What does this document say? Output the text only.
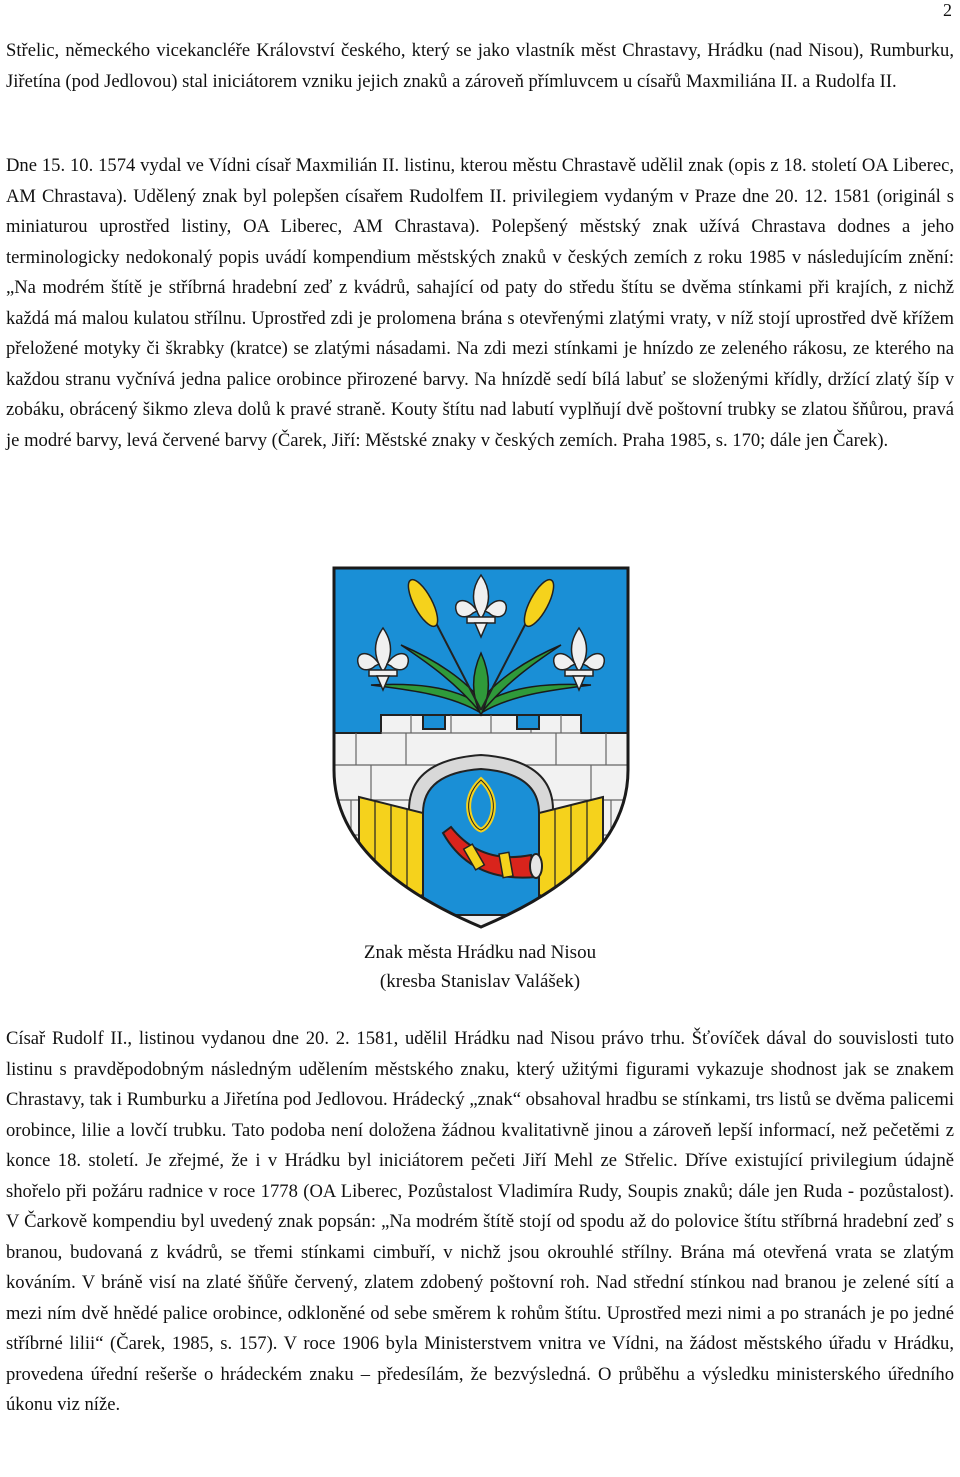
2

Střelic, německého vicekancléře Království českého, který se jako vlastník měst Chrastavy, Hrádku (nad Nisou), Rumburku, Jiřetína (pod Jedlovou) stal iniciátorem vzniku jejich znaků a zároveň přímluvcem u císařů Maxmiliána II. a Rudolfa II.

Dne 15. 10. 1574 vydal ve Vídni císař Maxmilián II. listinu, kterou městu Chrastavě udělil znak (opis z 18. století OA Liberec, AM Chrastava). Udělený znak byl polepšen císařem Rudolfem II. privilegiem vydaným v Praze dne 20. 12. 1581 (originál s miniaturou uprostřed listiny, OA Liberec, AM Chrastava). Polepšený městský znak užívá Chrastava dodnes a jeho terminologicky nedokonalý popis uvádí kompendium městských znaků v českých zemích z roku 1985 v následujícím znění: „Na modrém štítě je stříbrná hradební zeď z kvádrů, sahající od paty do středu štítu se dvěma stínkami při krajích, z nichž každá má malou kulatou střílnu. Uprostřed zdi je prolomena brána s otevřenými zlatými vraty, v níž stojí uprostřed dvě křížem přeložené motyky či škrabky (kratce) se zlatými násadami. Na zdi mezi stínkami je hnízdo ze zeleného rákosu, ze kterého na každou stranu vyčnívá jedna palice orobince přirozené barvy. Na hnízdě sedí bílá labuť se složenými křídly, držící zlatý šíp v zobáku, obrácený šikmo zleva dolů k pravé straně. Kouty štítu nad labutí vyplňují dvě poštovní trubky se zlatou šňůrou, pravá je modré barvy, levá červené barvy (Čarek, Jiří: Městské znaky v českých zemích. Praha 1985, s. 170; dále jen Čarek).

Znak města Hrádku nad Nisou

(kresba Stanislav Valášek)

Císař Rudolf II., listinou vydanou dne 20. 2. 1581, udělil Hrádku nad Nisou právo trhu. Šťovíček dával do souvislosti tuto listinu s pravděpodobným následným udělením městského znaku, který užitými figurami vykazuje shodnost jak se znakem Chrastavy, tak i Rumburku a Jiřetína pod Jedlovou. Hrádecký „znak“ obsahoval hradbu se stínkami, trs listů se dvěma palicemi orobince, lilie a lovčí trubku. Tato podoba není doložena žádnou kvalitativně jinou a zároveň lepší informací, než pečetěmi z konce 18. století. Je zřejmé, že i v Hrádku byl iniciátorem pečeti Jiří Mehl ze Střelic. Dříve existující privilegium údajně shořelo při požáru radnice v roce 1778 (OA Liberec, Pozůstalost Vladimíra Rudy, Soupis znaků; dále jen Ruda - pozůstalost). V Čarkově kompendiu byl uvedený znak popsán: „Na modrém štítě stojí od spodu až do polovice štítu stříbrná hradební zeď s branou, budovaná z kvádrů, se třemi stínkami cimbuří, v nichž jsou okrouhlé střílny. Brána má otevřená vrata se zlatým kováním. V bráně visí na zlaté šňůře červený, zlatem zdobený poštovní roh. Nad střední stínkou nad branou je zelené sítí a mezi ním dvě hnědé palice orobince, odkloněné od sebe směrem k rohům štítu. Uprostřed mezi nimi a po stranách je po jedné stříbrné lilii“ (Čarek, 1985, s. 157). V roce 1906 byla Ministerstvem vnitra ve Vídni, na žádost městského úřadu v Hrádku, provedena úřední rešerše o hrádeckém znaku – předesílám, že bezvýsledná. O průběhu a výsledku ministerského úředního úkonu viz níže.
